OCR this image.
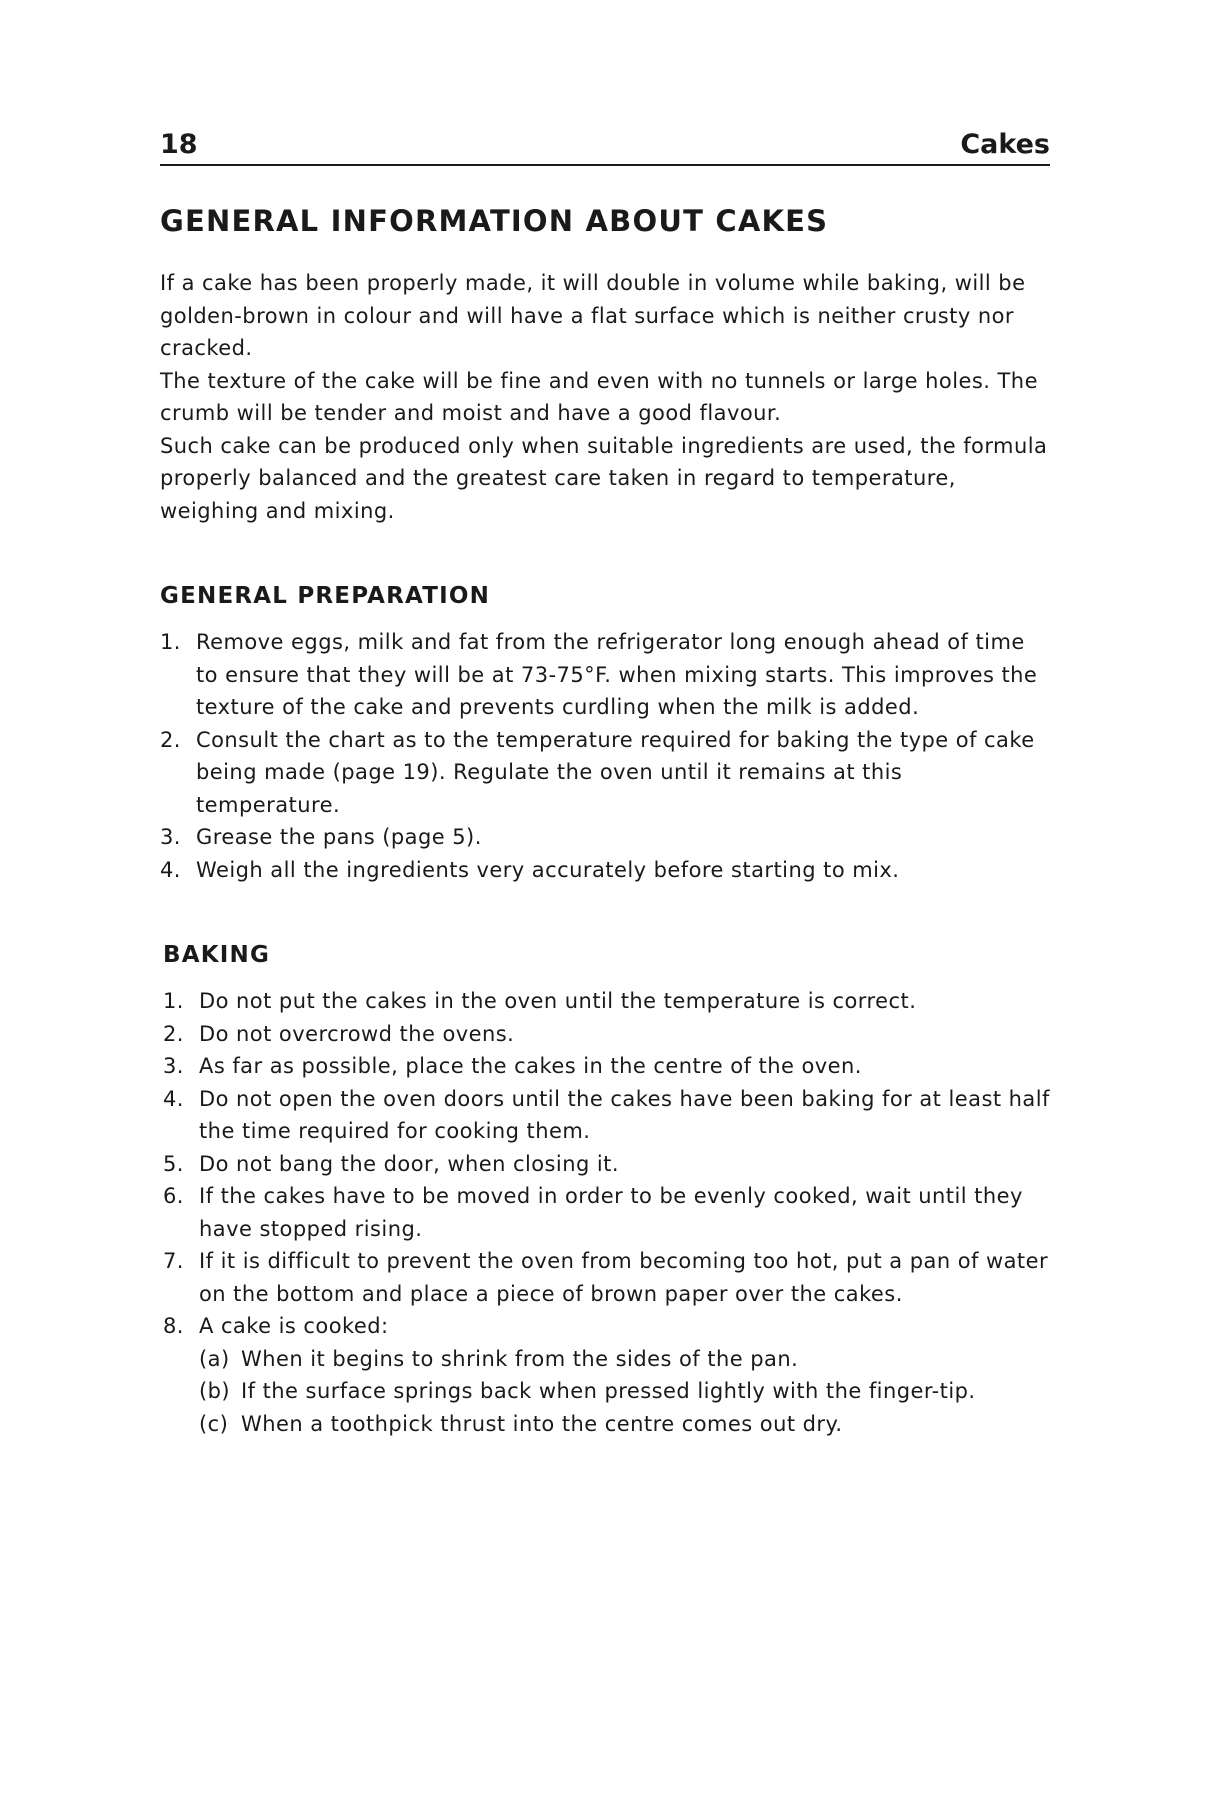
18	Cakes
GENERAL INFORMATION ABOUT CAKES

If a cake has been properly made, it will double in volume while baking, will be golden-brown in colour and will have a flat surface which is neither crusty nor cracked.

The texture of the cake will be fine and even with no tunnels or large holes. The crumb will be tender and moist and have a good flavour.

Such cake can be produced only when suitable ingredients are used, the formula properly balanced and the greatest care taken in regard to temperature, weighing and mixing.

GENERAL PREPARATION
1. Remove eggs, milk and fat from the refrigerator long enough ahead of time to ensure that they will be at 73-75°F. when mixing starts. This improves the texture of the cake and prevents curdling when the milk is added.
2. Consult the chart as to the temperature required for baking the type of cake being made (page 19). Regulate the oven until it remains at this temperature.
3. Grease the pans (page 5).
4. Weigh all the ingredients very accurately before starting to mix.
BAKING
1. Do not put the cakes in the oven until the temperature is correct.
2. Do not overcrowd the ovens.
3. As far as possible, place the cakes in the centre of the oven.
4. Do not open the oven doors until the cakes have been baking for at least half the time required for cooking them.
5. Do not bang the door, when closing it.
6. If the cakes have to be moved in order to be evenly cooked, wait until they have stopped rising.
7. If it is difficult to prevent the oven from becoming too hot, put a pan of water on the bottom and place a piece of brown paper over the cakes.
8. A cake is cooked:
(a) When it begins to shrink from the sides of the pan.
(b) If the surface springs back when pressed lightly with the finger-tip.
(c) When a toothpick thrust into the centre comes out dry.
